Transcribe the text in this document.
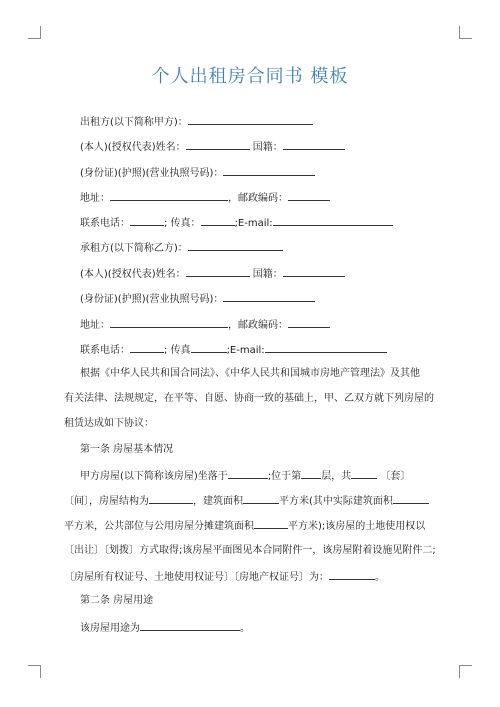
个人出租房合同书 模板
出租方(以下简称甲方)：
(本人)(授权代表)姓名：	国籍：
(身份证)(护照)(营业执照号码)：
地址：	，邮政编码：
联系电话：	; 传真：	;E-mail:
承租方(以下简称乙方)：
(本人)(授权代表)姓名：	国籍：
(身份证)(护照)(营业执照号码)：
地址：	，邮政编码：
联系电话：	; 传真	;E-mail:
根据《中华人民共和国合同法》、《中华人民共和国城市房地产管理法》及其他
有关法律、法规规定，在平等、自愿、协商一致的基础上，甲、乙双方就下列房屋的
租赁达成如下协议：
第一条 房屋基本情况
甲方房屋(以下简称该房屋)坐落于	;位于第 层，共	〔套〕
〔间〕，房屋结构为	，建筑面积	平方米(其中实际建筑面积
平方米，公共部位与公用房屋分摊建筑面积	平方米);该房屋的土地使用权以
〔出让〕〔划拨〕方式取得;该房屋平面图见本合同附件一，该房屋附着设施见附件二;
〔房屋所有权证号、土地使用权证号〕〔房地产权证号〕为：	。
第二条 房屋用途
该房屋用途为	。
